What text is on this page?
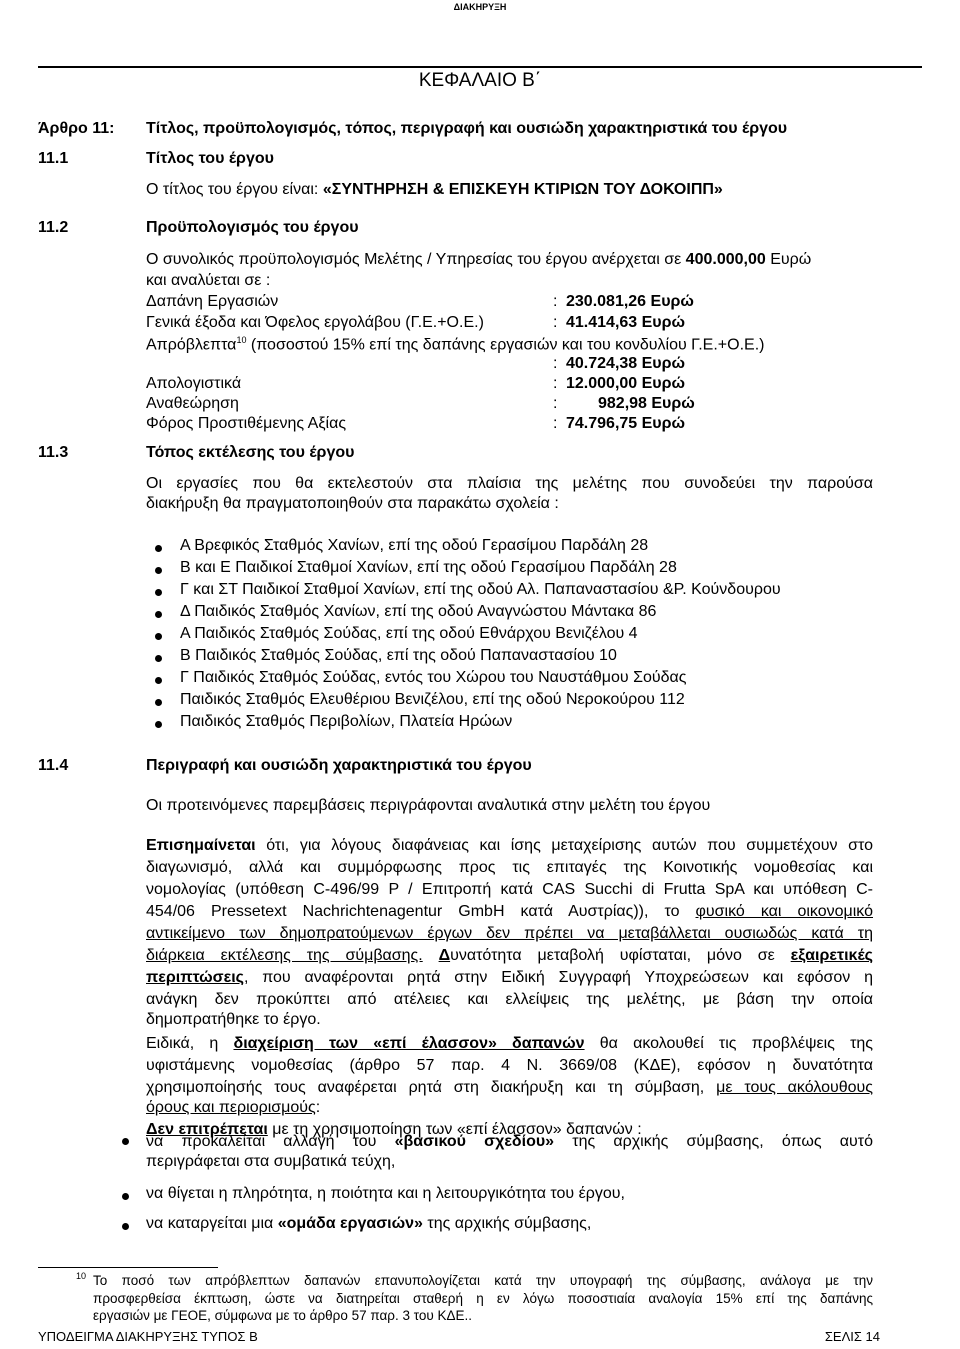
ΔΙΑΚΗΡΥΞΗ
ΚΕΦΑΛΑΙΟ Β΄
Άρθρο 11: Τίτλος, προϋπολογισμός, τόπος, περιγραφή και ουσιώδη χαρακτηριστικά του έργου
11.1	Τίτλος του έργου
Ο τίτλος του έργου είναι: «ΣΥΝΤΗΡΗΣΗ & ΕΠΙΣΚΕΥΗ ΚΤΙΡΙΩΝ ΤΟΥ ΔΟΚΟΙΠΠ»
11.2	Προϋπολογισμός του έργου
Ο συνολικός προϋπολογισμός Μελέτης / Υπηρεσίας του έργου ανέρχεται σε 400.000,00 Ευρώ
και αναλύεται σε :
Δαπάνη Εργασιών	: 230.081,26 Ευρώ
Γενικά έξοδα και Όφελος εργολάβου (Γ.Ε.+Ο.Ε.)	: 41.414,63 Ευρώ
Απρόβλεπτα$^{10}$ (ποσοστού 15% επί της δαπάνης εργασιών και του κονδυλίου Γ.Ε.+Ο.Ε.)
: 40.724,38 Ευρώ
Απολογιστικά	: 12.000,00 Ευρώ
Αναθεώρηση	:	982,98 Ευρώ
Φόρος Προστιθέμενης Αξίας	: 74.796,75 Ευρώ
11.3	Τόπος εκτέλεσης του έργου
Οι εργασίες που θα εκτελεστούν στα πλαίσια της μελέτης που συνοδεύει την παρούσα
διακήρυξη θα πραγματοποιηθούν στα παρακάτω σχολεία :
Α Βρεφικός Σταθμός Χανίων, επί της οδού Γερασίμου Παρδάλη 28
Β και Ε Παιδικοί Σταθμοί Χανίων, επί της οδού Γερασίμου Παρδάλη 28
Γ και ΣΤ Παιδικοί Σταθμοί Χανίων, επί της οδού Αλ. Παπαναστασίου &Ρ. Κούνδουρου
Δ Παιδικός Σταθμός Χανίων, επί της οδού Αναγνώστου Μάντακα 86
Α Παιδικός Σταθμός Σούδας, επί της οδού Εθνάρχου Βενιζέλου 4
Β Παιδικός Σταθμός Σούδας, επί της οδού Παπαναστασίου 10
Γ Παιδικός Σταθμός Σούδας, εντός του Χώρου του Ναυστάθμου Σούδας
Παιδικός Σταθμός Ελευθέριου Βενιζέλου, επί της οδού Νεροκούρου 112
Παιδικός Σταθμός Περιβολίων, Πλατεία Ηρώων
11.4	Περιγραφή και ουσιώδη χαρακτηριστικά του έργου
Οι προτεινόμενες παρεμβάσεις περιγράφονται αναλυτικά στην μελέτη του έργου
Επισημαίνεται ότι, για λόγους διαφάνειας και ίσης μεταχείρισης αυτών που συμμετέχουν στο
διαγωνισμό, αλλά και συμμόρφωσης προς τις επιταγές της Κοινοτικής νομοθεσίας και
νομολογίας (υπόθεση C-496/99 Ρ / Επιτροπή κατά CAS Succhi di Frutta SpA και υπόθεση C-
454/06 Pressetext Nachrichtenagentur GmbH κατά Αυστρίας)), το φυσικό και οικονομικό
αντικείμενο των δημοπρατούμενων έργων δεν πρέπει να μεταβάλλεται ουσιωδώς κατά τη
διάρκεια εκτέλεσης της σύμβασης. Δυνατότητα μεταβολή υφίσταται, μόνο σε εξαιρετικές
περιπτώσεις, που αναφέρονται ρητά στην Ειδική Συγγραφή Υποχρεώσεων και εφόσον η
ανάγκη δεν προκύπτει από ατέλειες και ελλείψεις της μελέτης, με βάση την οποία
δημοπρατήθηκε το έργο.
Ειδικά, η διαχείριση των «επί έλασσον» δαπανών θα ακολουθεί τις προβλέψεις της
υφιστάμενης νομοθεσίας (άρθρο 57 παρ. 4 Ν. 3669/08 (ΚΔΕ), εφόσον η δυνατότητα
χρησιμοποίησής τους αναφέρεται ρητά στη διακήρυξη και τη σύμβαση, με τους ακόλουθους
όρους και περιορισμούς:
Δεν επιτρέπεται με τη χρησιμοποίηση των «επί έλασσον» δαπανών :
να προκαλείται αλλαγή του «βασικού σχεδίου» της αρχικής σύμβασης, όπως αυτό
περιγράφεται στα συμβατικά τεύχη,
να θίγεται η πληρότητα, η ποιότητα και η λειτουργικότητα του έργου,
να καταργείται μια «ομάδα εργασιών» της αρχικής σύμβασης,
10 Το ποσό των απρόβλεπτων δαπανών επανυπολογίζεται κατά την υπογραφή της σύμβασης, ανάλογα με την
προσφερθείσα έκπτωση, ώστε να διατηρείται σταθερή η εν λόγω ποσοστιαία αναλογία 15% επί της δαπάνης
εργασιών με ΓΕΟΕ, σύμφωνα με το άρθρο 57 παρ. 3 του ΚΔΕ..
ΥΠΟΔΕΙΓΜΑ ΔΙΑΚΗΡΥΞΗΣ ΤΥΠΟΣ Β	ΣΕΛΙΣ 14
